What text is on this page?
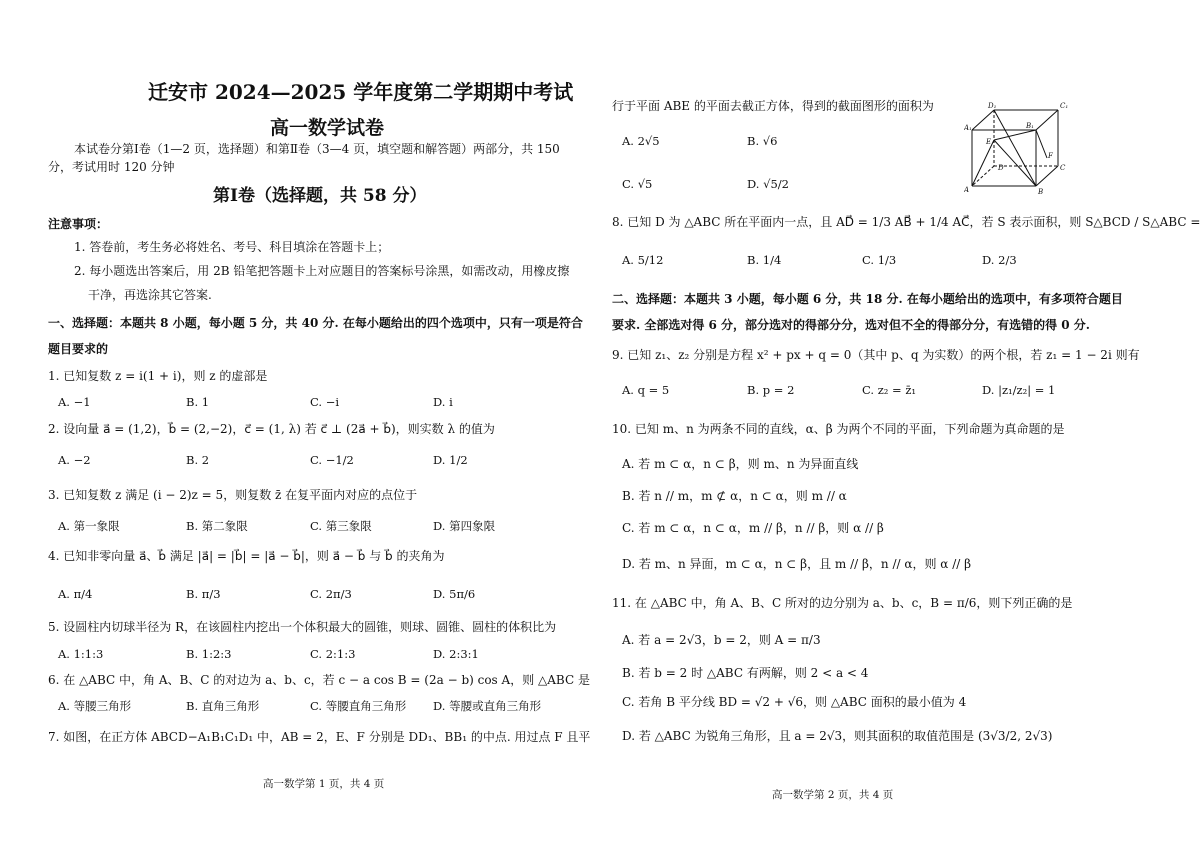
迁安市 2024—2025 学年度第二学期期中考试
高一数学试卷
本试卷分第Ⅰ卷（1—2 页，选择题）和第Ⅱ卷（3—4 页，填空题和解答题）两部分，共 150
分，考试用时 120 分钟
第Ⅰ卷（选择题，共 58 分）
注意事项：
1. 答卷前，考生务必将姓名、考号、科目填涂在答题卡上；
2. 每小题选出答案后，用 2B 铅笔把答题卡上对应题目的答案标号涂黑，如需改动，用橡皮擦
干净，再选涂其它答案.
一、选择题：本题共 8 小题，每小题 5 分，共 40 分. 在每小题给出的四个选项中，只有一项是符合
题目要求的
1. 已知复数 z = i(1 + i)，则 z 的虚部是
A. −1	B. 1	C. −i	D. i
2. 设向量 a⃗ = (1,2)，b⃗ = (2,−2)，c⃗ = (1, λ) 若 c⃗ ⊥ (2a⃗ + b⃗)，则实数 λ 的值为
A. −2	B. 2	C. −1/2	D. 1/2
3. 已知复数 z 满足 (i − 2)z = 5，则复数 z̄ 在复平面内对应的点位于
A. 第一象限	B. 第二象限	C. 第三象限	D. 第四象限
4. 已知非零向量 a⃗、b⃗ 满足 |a⃗| = |b⃗| = |a⃗ − b⃗|，则 a⃗ − b⃗ 与 b⃗ 的夹角为
A. π/4	B. π/3	C. 2π/3	D. 5π/6
5. 设圆柱内切球半径为 R，在该圆柱内挖出一个体积最大的圆锥，则球、圆锥、圆柱的体积比为
A. 1:1:3	B. 1:2:3	C. 2:1:3	D. 2:3:1
6. 在 △ABC 中，角 A、B、C 的对边为 a、b、c，若 c − a cos B = (2a − b) cos A，则 △ABC 是
A. 等腰三角形	B. 直角三角形	C. 等腰直角三角形 D. 等腰或直角三角形
7. 如图，在正方体 ABCD−A₁B₁C₁D₁ 中，AB = 2，E、F 分别是 DD₁、BB₁ 的中点. 用过点 F 且平
高一数学第 1 页，共 4 页
行于平面 ABE 的平面去截正方体，得到的截面图形的面积为
A. 2√5	B. √6
C. √5	D. √5/2
D₁	C₁
A₁	B₁
E
F
D	C
A	B
8. 已知 D 为 △ABC 所在平面内一点，且 AD⃗ = 1/3 AB⃗ + 1/4 AC⃗，若 S 表示面积，则 S△BCD / S△ABC =
A. 5/12	B. 1/4	C. 1/3	D. 2/3
二、选择题：本题共 3 小题，每小题 6 分，共 18 分. 在每小题给出的选项中，有多项符合题目
要求. 全部选对得 6 分，部分选对的得部分分，选对但不全的得部分分，有选错的得 0 分.
9. 已知 z₁、z₂ 分别是方程 x² + px + q = 0（其中 p、q 为实数）的两个根，若 z₁ = 1 − 2i 则有
A. q = 5	B. p = 2	C. z₂ = z̄₁	D. |z₁/z₂| = 1
10. 已知 m、n 为两条不同的直线，α、β 为两个不同的平面，下列命题为真命题的是
A. 若 m ⊂ α，n ⊂ β，则 m、n 为异面直线
B. 若 n // m，m ⊄ α，n ⊂ α，则 m // α
C. 若 m ⊂ α，n ⊂ α，m // β，n // β，则 α // β
D. 若 m、n 异面，m ⊂ α，n ⊂ β，且 m // β，n // α，则 α // β
11. 在 △ABC 中，角 A、B、C 所对的边分别为 a、b、c，B = π/6，则下列正确的是
A. 若 a = 2√3，b = 2，则 A = π/3
B. 若 b = 2 时 △ABC 有两解，则 2 < a < 4
C. 若角 B 平分线 BD = √2 + √6，则 △ABC 面积的最小值为 4
D. 若 △ABC 为锐角三角形，且 a = 2√3，则其面积的取值范围是 (3√3/2, 2√3)
高一数学第 2 页，共 4 页
